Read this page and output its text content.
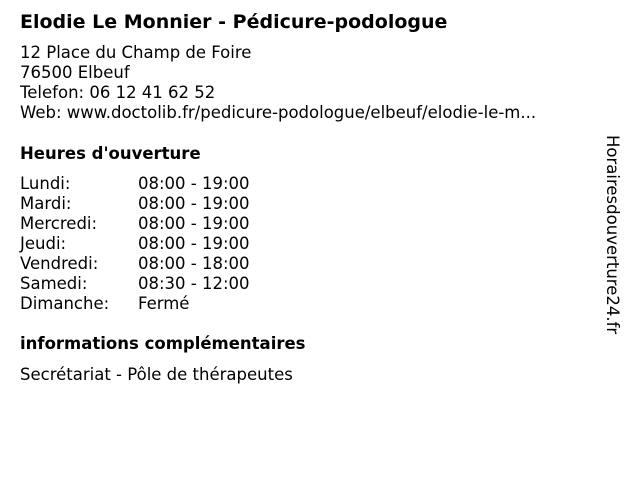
Elodie Le Monnier - Pédicure-podologue
12 Place du Champ de Foire
76500 Elbeuf
Telefon: 06 12 41 62 52
Web: www.doctolib.fr/pedicure-podologue/elbeuf/elodie-le-m...
Heures d'ouverture
Lundi:	08:00 - 19:00
Mardi:	08:00 - 19:00
Mercredi: 08:00 - 19:00
Jeudi:	08:00 - 19:00
Vendredi: 08:00 - 18:00
Samedi:	08:30 - 12:00
Dimanche: Fermé
informations complémentaires
Secrétariat - Pôle de thérapeutes
Horairesdouverture24.fr
